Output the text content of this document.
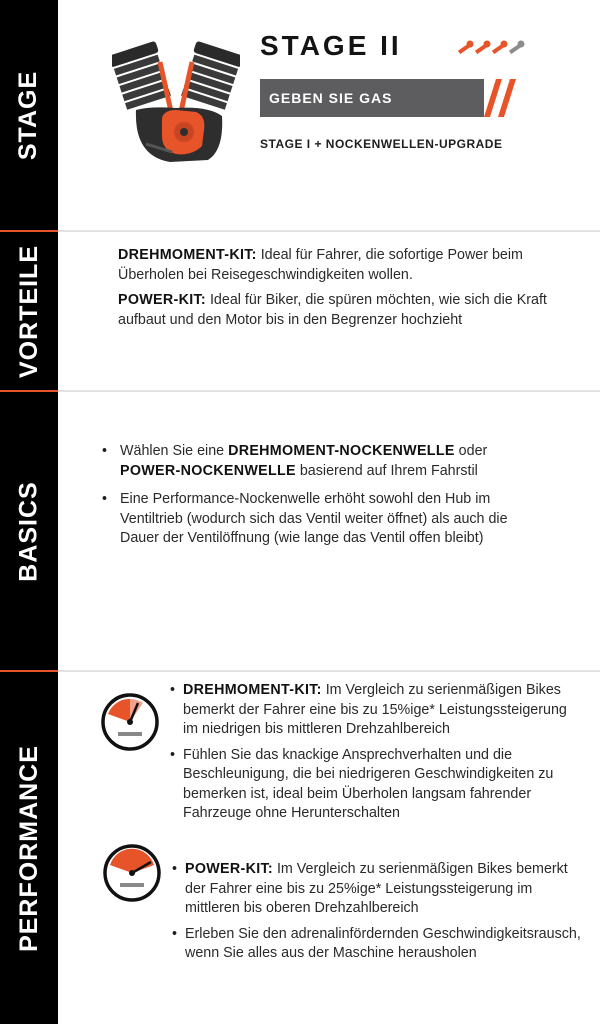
STAGE
VORTEILE
BASICS
PERFORMANCE
STAGE II
GEBEN SIE GAS
STAGE I + NOCKENWELLEN-UPGRADE

DREHMOMENT-KIT: Ideal für Fahrer, die sofortige Power beim Überholen bei Reisegeschwindigkeiten wollen.

POWER-KIT: Ideal für Biker, die spüren möchten, wie sich die Kraft aufbaut und den Motor bis in den Begrenzer hochzieht

• Wählen Sie eine DREHMOMENT-NOCKENWELLE oder POWER-NOCKENWELLE basierend auf Ihrem Fahrstil

• Eine Performance-Nockenwelle erhöht sowohl den Hub im Ventiltrieb (wodurch sich das Ventil weiter öffnet) als auch die Dauer der Ventilöffnung (wie lange das Ventil offen bleibt)

• DREHMOMENT-KIT: Im Vergleich zu serienmäßigen Bikes bemerkt der Fahrer eine bis zu 15%ige* Leistungssteigerung im niedrigen bis mittleren Drehzahlbereich

• Fühlen Sie das knackige Ansprechverhalten und die Beschleunigung, die bei niedrigeren Geschwindigkeiten zu bemerken ist, ideal beim Überholen langsam fahrender Fahrzeuge ohne Herunterschalten

• POWER-KIT: Im Vergleich zu serienmäßigen Bikes bemerkt der Fahrer eine bis zu 25%ige* Leistungssteigerung im mittleren bis oberen Drehzahlbereich

• Erleben Sie den adrenalinfördernden Geschwindigkeitsrausch, wenn Sie alles aus der Maschine herausholen
